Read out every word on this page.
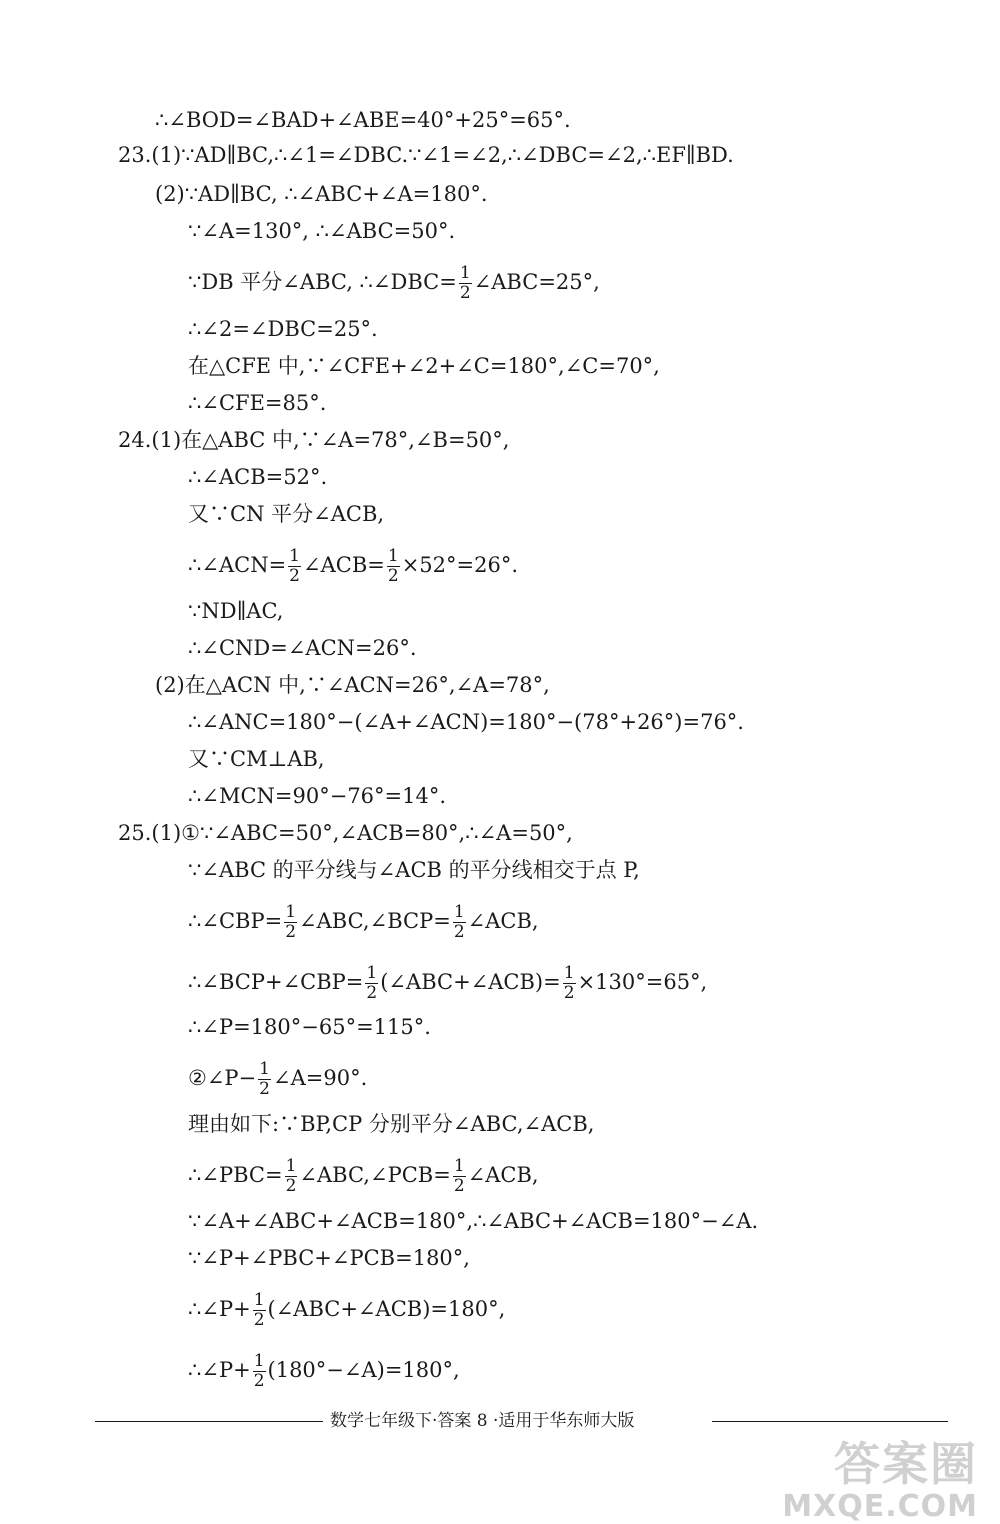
∴∠BOD=∠BAD+∠ABE=40°+25°=65°.
23.(1)∵AD∥BC,∴∠1=∠DBC.∵∠1=∠2,∴∠DBC=∠2,∴EF∥BD.
(2)∵AD∥BC, ∴∠ABC+∠A=180°.
∵∠A=130°, ∴∠ABC=50°.
∵DB 平分∠ABC, ∴∠DBC= $\frac{1}{2}$ ∠ABC=25°,
∴∠2=∠DBC=25°.
在△CFE 中,∵∠CFE+∠2+∠C=180°,∠C=70°,
∴∠CFE=85°.
24.(1)在△ABC 中,∵∠A=78°,∠B=50°,
∴∠ACB=52°.
又∵CN 平分∠ACB,
∴∠ACN= $\frac{1}{2}$ ∠ACB= $\frac{1}{2} \times 52^\circ=26^\circ$.
∵ND∥AC,
∴∠CND=∠ACN=26°.
(2)在△ACN 中,∵∠ACN=26°,∠A=78°,
∴∠ANC=180°−(∠A+∠ACN)=180°−(78°+26°)=76°.
又∵CM⊥AB,
∴∠MCN=90°−76°=14°.
25.(1)①∵∠ABC=50°,∠ACB=80°,∴∠A=50°,
∵∠ABC 的平分线与∠ACB 的平分线相交于点 P,
∴∠CBP= $\frac{1}{2}$ ∠ABC,∠BCP= $\frac{1}{2}$ ∠ACB,
∴∠BCP+∠CBP= $\frac{1}{2}$ (∠ABC+∠ACB)= $\frac{1}{2} \times 130^\circ=65^\circ$,
∴∠P=180°−65°=115°.
②∠P− $\frac{1}{2}$ ∠A=90°.
理由如下:∵BP,CP 分别平分∠ABC,∠ACB,
∴∠PBC= $\frac{1}{2}$ ∠ABC,∠PCB= $\frac{1}{2}$ ∠ACB,
∵∠A+∠ABC+∠ACB=180°,∴∠ABC+∠ACB=180°−∠A.
∵∠P+∠PBC+∠PCB=180°,
∴∠P+ $\frac{1}{2}$ (∠ABC+∠ACB)=180°,
∴∠P+ $\frac{1}{2}$ (180°−∠A)=180°,
数学七年级下·答案 8 ·适用于华东师大版
答案圈
MXQE.COM
